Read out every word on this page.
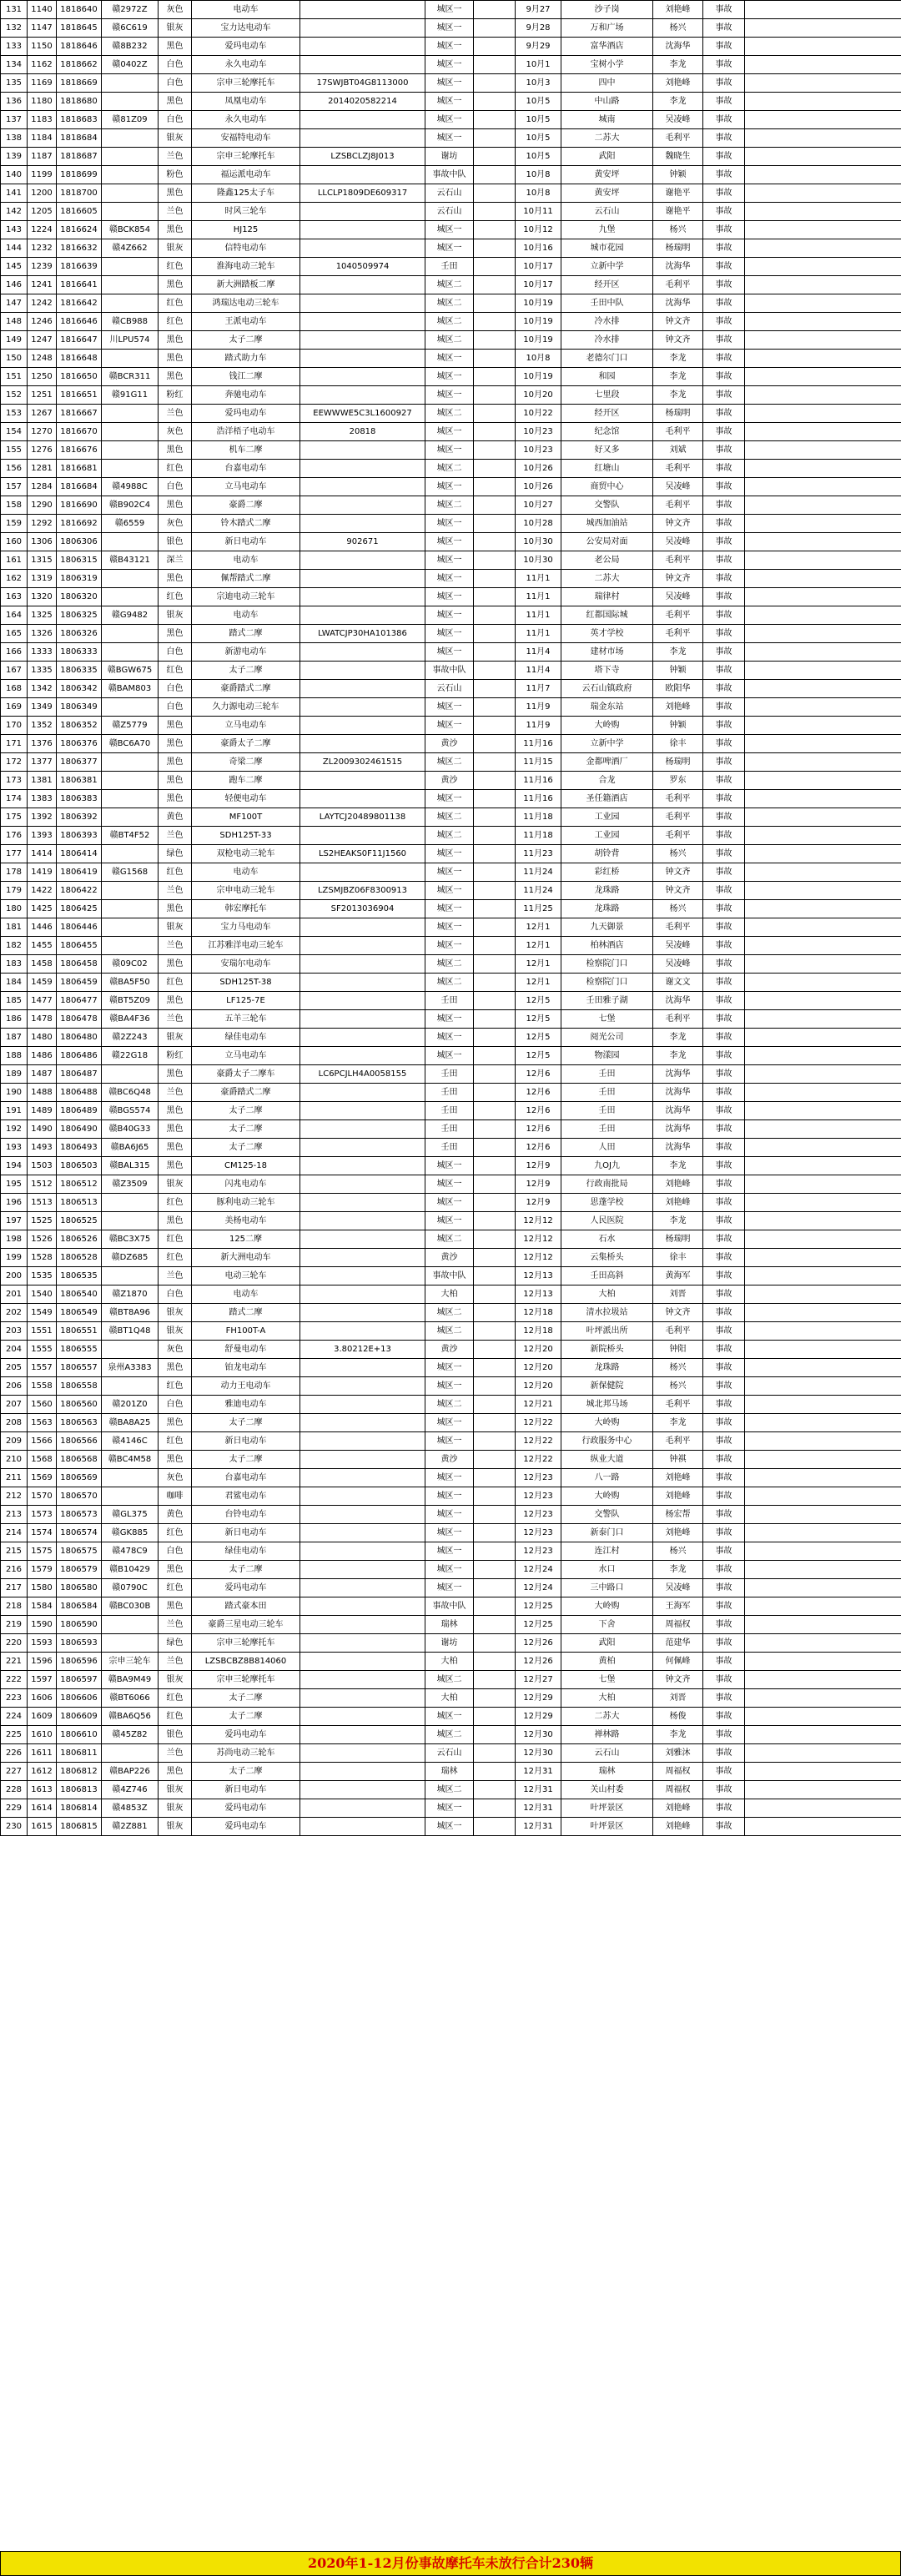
131	1140	1818640	赣2972Z	灰色	电动车		城区一		9月27	沙子岗	刘艳峰	事故	
132	1147	1818645	赣6C619	银灰	宝力达电动车		城区一		9月28	万和广场	杨兴	事故	
133	1150	1818646	赣8B232	黑色	爱玛电动车		城区一		9月29	富华酒店	沈海华	事故	
134	1162	1818662	赣0402Z	白色	永久电动车		城区一		10月1	宝树小学	李龙	事故	
135	1169	1818669		白色	宗申三轮摩托车	17SWJBT04G8113000	城区一		10月3	四中	刘艳峰	事故	
136	1180	1818680		黑色	凤凰电动车	2014020582214	城区一		10月5	中山路	李龙	事故	
137	1183	1818683	赣81Z09	白色	永久电动车		城区一		10月5	城南	吴凌峰	事故	
138	1184	1818684		银灰	安福特电动车		城区一		10月5	二苏大	毛利平	事故	
139	1187	1818687		兰色	宗申三轮摩托车	LZSBCLZJ8J013	谢坊		10月5	武阳	魏晓生	事故	
140	1199	1818699		粉色	福运派电动车		事故中队		10月8	黄安坪	钟颖	事故	
141	1200	1818700		黑色	隆鑫125太子车	LLCLP1809DE609317	云石山		10月8	黄安坪	谢艳平	事故	
142	1205	1816605		兰色	时风三轮车		云石山		10月11	云石山	谢艳平	事故	
143	1224	1816624	赣BCK854	黑色	HJ125		城区一		10月12	九堡	杨兴	事故	
144	1232	1816632	赣4Z662	银灰	信特电动车		城区一		10月16	城市花园	杨瑞明	事故	
145	1239	1816639		红色	淮海电动三轮车	1040509974	壬田		10月17	立新中学	沈海华	事故	
146	1241	1816641		黑色	新大洲踏板二摩		城区二		10月17	经开区	毛利平	事故	
147	1242	1816642		红色	鸿瑞达电动三轮车		城区二		10月19	壬田中队	沈海华	事故	
148	1246	1816646	赣CB988	红色	王派电动车		城区二		10月19	冷水排	钟文齐	事故	
149	1247	1816647	川LPU574	黑色	太子二摩		城区二		10月19	冷水排	钟文齐	事故	
150	1248	1816648		黑色	踏式助力车		城区一		10月8	老德尔门口	李龙	事故	
151	1250	1816650	赣BCR311	黑色	钱江二摩		城区一		10月19	和园	李龙	事故	
152	1251	1816651	赣91G11	粉红	奔驰电动车		城区一		10月20	七里段	李龙	事故	
153	1267	1816667		兰色	爱玛电动车	EEWWWE5C3L1600927	城区二		10月22	经开区	杨瑞明	事故	
154	1270	1816670		灰色	浩洋梧子电动车	20818	城区一		10月23	纪念馆	毛利平	事故	
155	1276	1816676		黑色	机车二摩		城区一		10月23	好又多	刘斌	事故	
156	1281	1816681		红色	台嘉电动车		城区二		10月26	红塘山	毛利平	事故	
157	1284	1816684	赣4988C	白色	立马电动车		城区一		10月26	商贸中心	吴凌峰	事故	
158	1290	1816690	赣B902C4	黑色	豪爵二摩		城区二		10月27	交警队	毛利平	事故	
159	1292	1816692	赣6559	灰色	铃木踏式二摩		城区一		10月28	城西加油站	钟文齐	事故	
160	1306	1806306		银色	新日电动车	902671	城区一		10月30	公安局对面	吴凌峰	事故	
161	1315	1806315	赣B43121	深兰	电动车		城区一		10月30	老公局	毛利平	事故	
162	1319	1806319		黑色	佩帮踏式二摩		城区一		11月1	二苏大	钟文齐	事故	
163	1320	1806320		红色	宗迪电动三轮车		城区一		11月1	瑞律村	吴凌峰	事故	
164	1325	1806325	赣G9482	银灰	电动车		城区一		11月1	红都国际城	毛利平	事故	
165	1326	1806326		黑色	踏式二摩	LWATCJP30HA101386	城区一		11月1	英才学校	毛利平	事故	
166	1333	1806333		白色	新游电动车		城区一		11月4	建材市场	李龙	事故	
167	1335	1806335	赣BGW675	红色	太子二摩		事故中队		11月4	塔下寺	钟颖	事故	
168	1342	1806342	赣BAM803	白色	豪爵踏式二摩		云石山		11月7	云石山镇政府	欧阳华	事故	
169	1349	1806349		白色	久力源电动三轮车		城区一		11月9	瑞金东站	刘艳峰	事故	
170	1352	1806352	赣Z5779	黑色	立马电动车		城区一		11月9	大岭购	钟颖	事故	
171	1376	1806376	赣BC6A70	黑色	豪爵太子二摩		黄沙		11月16	立新中学	徐丰	事故	
172	1377	1806377		黑色	奇梁二摩	ZL2009302461515	城区二		11月15	金都啤酒厂	杨瑞明	事故	
173	1381	1806381		黑色	跑车二摩		黄沙		11月16	合龙	罗东	事故	
174	1383	1806383		黑色	轻便电动车		城区一		11月16	圣任籍酒店	毛利平	事故	
175	1392	1806392		黄色	MF100T	LAYTCJ20489801138	城区二		11月18	工业园	毛利平	事故	
176	1393	1806393	赣BT4F52	兰色	SDH125T-33		城区二		11月18	工业园	毛利平	事故	
177	1414	1806414		绿色	双枪电动三轮车	LS2HEAKS0F11J1560	城区一		11月23	胡铃背	杨兴	事故	
178	1419	1806419	赣G1568	红色	电动车		城区一		11月24	彩红桥	钟文齐	事故	
179	1422	1806422		兰色	宗申电动三轮车	LZSMJBZ06F8300913	城区一		11月24	龙珠路	钟文齐	事故	
180	1425	1806425		黑色	韩宏摩托车	SF2013036904	城区一		11月25	龙珠路	杨兴	事故	
181	1446	1806446		银灰	宝力马电动车		城区一		12月1	九天御景	毛利平	事故	
182	1455	1806455		兰色	江苏雅洋电动三轮车		城区一		12月1	柏林酒店	吴凌峰	事故	
183	1458	1806458	赣09C02	黑色	安瑞尔电动车		城区二		12月1	检察院门口	吴凌峰	事故	
184	1459	1806459	赣BA5F50	红色	SDH125T-38		城区二		12月1	检察院门口	谢文文	事故	
185	1477	1806477	赣BT5Z09	黑色	LF125-7E		壬田		12月5	壬田雅子湖	沈海华	事故	
186	1478	1806478	赣BA4F36	兰色	五羊三轮车		城区一		12月5	七堡	毛利平	事故	
187	1480	1806480	赣2Z243	银灰	绿佳电动车		城区一		12月5	阅光公司	李龙	事故	
188	1486	1806486	赣22G18	粉红	立马电动车		城区一		12月5	物漾园	李龙	事故	
189	1487	1806487		黑色	豪爵太子二摩车	LC6PCJLH4A0058155	壬田		12月6	壬田	沈海华	事故	
190	1488	1806488	赣BC6Q48	兰色	豪爵踏式二摩		壬田		12月6	壬田	沈海华	事故	
191	1489	1806489	赣BGS574	黑色	太子二摩		壬田		12月6	壬田	沈海华	事故	
192	1490	1806490	赣B40G33	黑色	太子二摩		壬田		12月6	壬田	沈海华	事故	
193	1493	1806493	赣BA6J65	黑色	太子二摩		壬田		12月6	人田	沈海华	事故	
194	1503	1806503	赣BAL315	黑色	CM125-18		城区一		12月9	九OJ九	李龙	事故	
195	1512	1806512	赣Z3509	银灰	闪兆电动车		城区一		12月9	行政南批局	刘艳峰	事故	
196	1513	1806513		红色	豚利电动三轮车		城区一		12月9	思蓬学校	刘艳峰	事故	
197	1525	1806525		黑色	美杨电动车		城区一		12月12	人民医院	李龙	事故	
198	1526	1806526	赣BC3X75	红色	125二摩		城区二		12月12	石水	杨瑞明	事故	
199	1528	1806528	赣DZ685	红色	新大洲电动车		黄沙		12月12	云集桥头	徐丰	事故	
200	1535	1806535		兰色	电动三轮车		事故中队		12月13	壬田高斜	黄海军	事故	
201	1540	1806540	赣Z1870	白色	电动车		大柏		12月13	大柏	刘晋	事故	
202	1549	1806549	赣BT8A96	银灰	踏式二摩		城区二		12月18	清水拉圾站	钟文齐	事故	
203	1551	1806551	赣BT1Q48	银灰	FH100T-A		城区二		12月18	叶坪派出所	毛利平	事故	
204	1555	1806555		灰色	舒曼电动车	3.80212E+13	黄沙		12月20	新院桥头	钟阳	事故	
205	1557	1806557	泉州A3383	黑色	铂龙电动车		城区一		12月20	龙珠路	杨兴	事故	
206	1558	1806558		红色	动力王电动车		城区一		12月20	新保健院	杨兴	事故	
207	1560	1806560	赣201Z0	白色	雅迪电动车		城区二		12月21	城北邦马场	毛利平	事故	
208	1563	1806563	赣BA8A25	黑色	太子二摩		城区一		12月22	大岭购	李龙	事故	
209	1566	1806566	赣4146C	红色	新日电动车		城区一		12月22	行政服务中心	毛利平	事故	
210	1568	1806568	赣BC4M58	黑色	太子二摩		黄沙		12月22	纵业大道	钟祺	事故	
211	1569	1806569		灰色	台嘉电动车		城区一		12月23	八一路	刘艳峰	事故	
212	1570	1806570		咖啡	君鲨电动车		城区一		12月23	大岭购	刘艳峰	事故	
213	1573	1806573	赣GL375	黄色	台铃电动车		城区一		12月23	交警队	杨宏帮	事故	
214	1574	1806574	赣GK885	红色	新日电动车		城区一		12月23	新泰门口	刘艳峰	事故	
215	1575	1806575	赣478C9	白色	绿佳电动车		城区一		12月23	连江村	杨兴	事故	
216	1579	1806579	赣B10429	黑色	太子二摩		城区一		12月24	水口	李龙	事故	
217	1580	1806580	赣0790C	红色	爱玛电动车		城区一		12月24	三中路口	吴凌峰	事故	
218	1584	1806584	赣BC030B	黑色	踏式豪本田		事故中队		12月25	大岭购	王海军	事故	
219	1590	1806590		兰色	豪爵三星电动三轮车		瑞林		12月25	下舍	周福权	事故	
220	1593	1806593		绿色	宗申三轮摩托车		谢坊		12月26	武阳	范建华	事故	
221	1596	1806596	宗申三轮车	兰色	LZSBCBZ8B814060		大柏		12月26	黄柏	何佩峰	事故	
222	1597	1806597	赣BA9M49	银灰	宗申三轮摩托车		城区二		12月27	七堡	钟文齐	事故	
223	1606	1806606	赣BT6066	红色	太子二摩		大柏		12月29	大柏	刘晋	事故	
224	1609	1806609	赣BA6Q56	红色	太子二摩		城区一		12月29	二苏大	杨俊	事故	
225	1610	1806610	赣45Z82	银色	爱玛电动车		城区二		12月30	禅林路	李龙	事故	
226	1611	1806811		兰色	苏尚电动三轮车		云石山		12月30	云石山	刘雅沐	事故	
227	1612	1806812	赣BAP226	黑色	太子二摩		瑞林		12月31	瑞林	周福权	事故	
228	1613	1806813	赣4Z746	银灰	新日电动车		城区二		12月31	关山村委	周福权	事故	
229	1614	1806814	赣4853Z	银灰	爱玛电动车		城区一		12月31	叶坪景区	刘艳峰	事故	
230	1615	1806815	赣2Z881	银灰	爱玛电动车		城区一		12月31	叶坪景区	刘艳峰	事故	
2020年1-12月份事故摩托车未放行合计230辆
